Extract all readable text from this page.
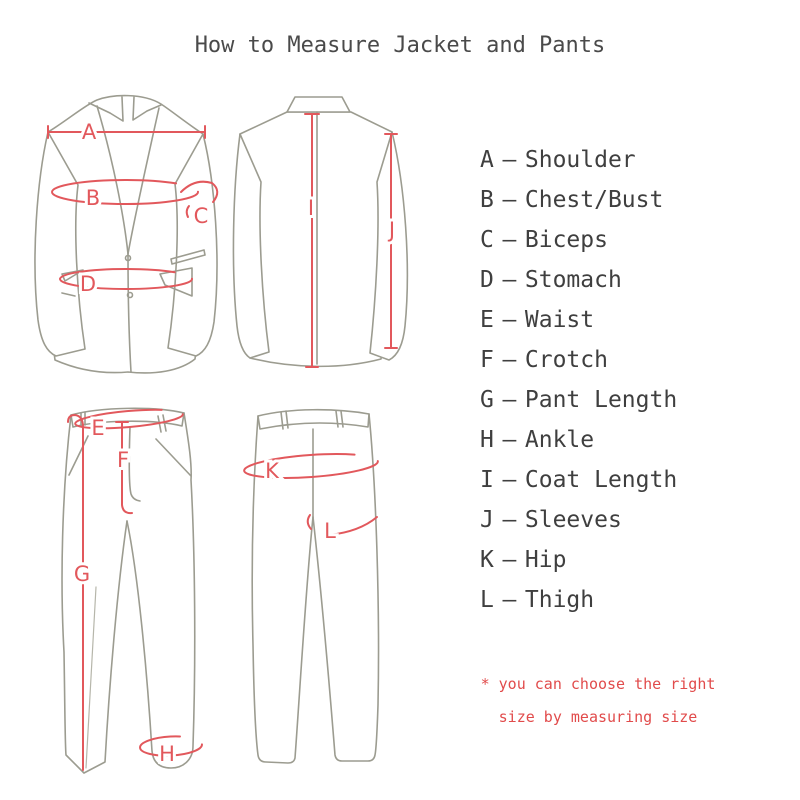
How to Measure Jacket and Pants
A
B
C
D
I
J
E
F
G
H
K
L
A – Shoulder
B – Chest/Bust
C – Biceps
D – Stomach
E – Waist
F – Crotch
G – Pant Length
H – Ankle
I – Coat Length
J – Sleeves
K – Hip
L – Thigh
* you can choose the right
size by measuring size
